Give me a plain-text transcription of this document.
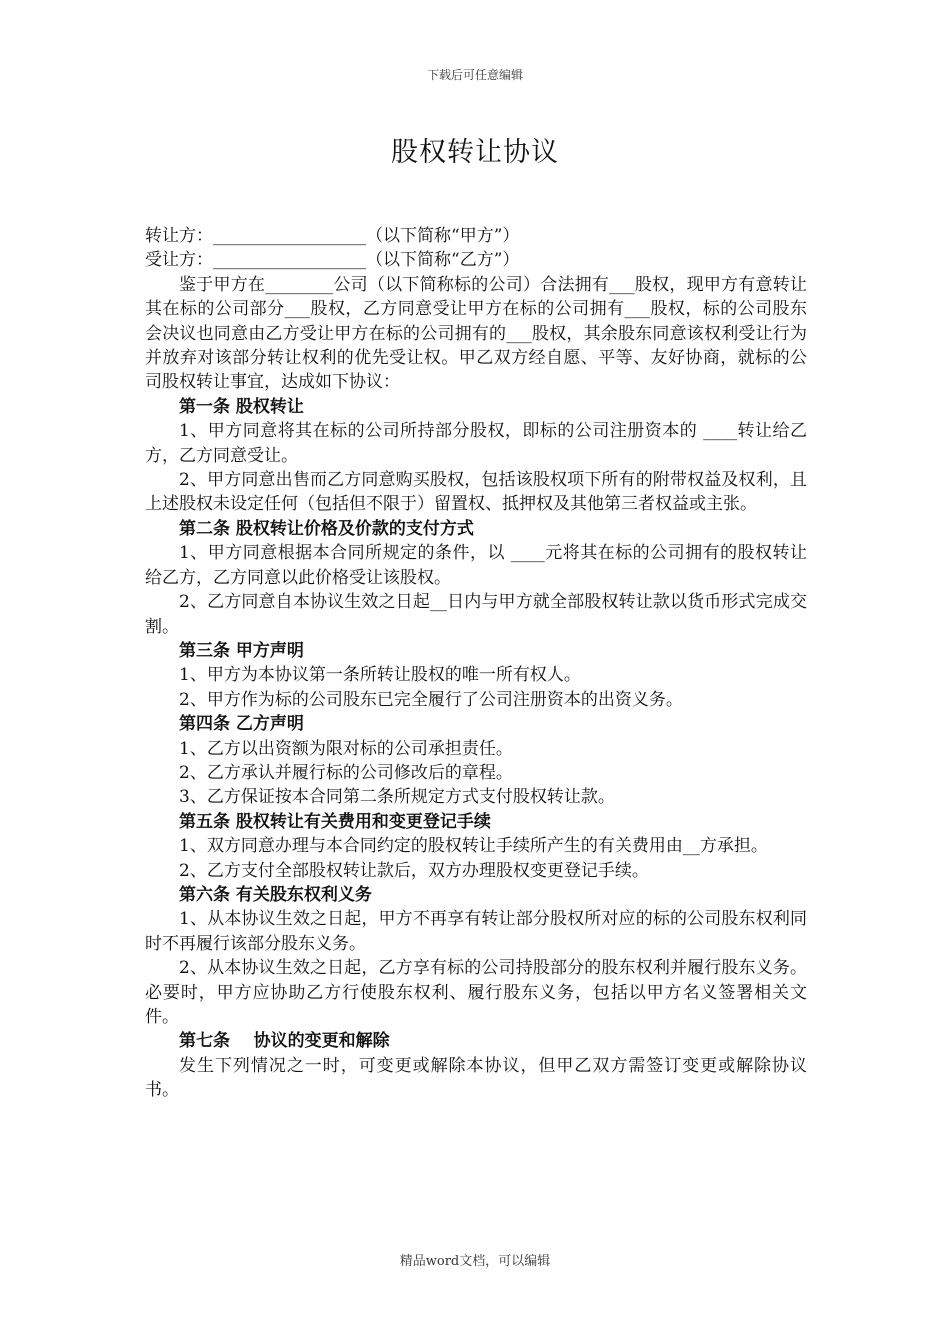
下载后可任意编辑
股权转让协议
转让方：__________________（以下简称“甲方”）
受让方：__________________（以下简称“乙方”）
鉴于甲方在________公司（以下简称标的公司）合法拥有___股权，现甲方有意转让其在标的公司部分___股权，乙方同意受让甲方在标的公司拥有___股权，标的公司股东会决议也同意由乙方受让甲方在标的公司拥有的___股权，其余股东同意该权利受让行为并放弃对该部分转让权利的优先受让权。甲乙双方经自愿、平等、友好协商，就标的公司股权转让事宜，达成如下协议：
第一条 股权转让
1、甲方同意将其在标的公司所持部分股权，即标的公司注册资本的 ____转让给乙方，乙方同意受让。
2、甲方同意出售而乙方同意购买股权，包括该股权项下所有的附带权益及权利，且上述股权未设定任何（包括但不限于）留置权、抵押权及其他第三者权益或主张。
第二条 股权转让价格及价款的支付方式
1、甲方同意根据本合同所规定的条件，以 ____元将其在标的公司拥有的股权转让给乙方，乙方同意以此价格受让该股权。
2、乙方同意自本协议生效之日起__日内与甲方就全部股权转让款以货币形式完成交割。
第三条 甲方声明
1、甲方为本协议第一条所转让股权的唯一所有权人。
2、甲方作为标的公司股东已完全履行了公司注册资本的出资义务。
第四条 乙方声明
1、乙方以出资额为限对标的公司承担责任。
2、乙方承认并履行标的公司修改后的章程。
3、乙方保证按本合同第二条所规定方式支付股权转让款。
第五条 股权转让有关费用和变更登记手续
1、双方同意办理与本合同约定的股权转让手续所产生的有关费用由__方承担。
2、乙方支付全部股权转让款后，双方办理股权变更登记手续。
第六条 有关股东权利义务
1、从本协议生效之日起，甲方不再享有转让部分股权所对应的标的公司股东权利同时不再履行该部分股东义务。
2、从本协议生效之日起，乙方享有标的公司持股部分的股东权利并履行股东义务。必要时，甲方应协助乙方行使股东权利、履行股东义务，包括以甲方名义签署相关文件。
第七条    协议的变更和解除
发生下列情况之一时，可变更或解除本协议，但甲乙双方需签订变更或解除协议书。
精品word文档，可以编辑
